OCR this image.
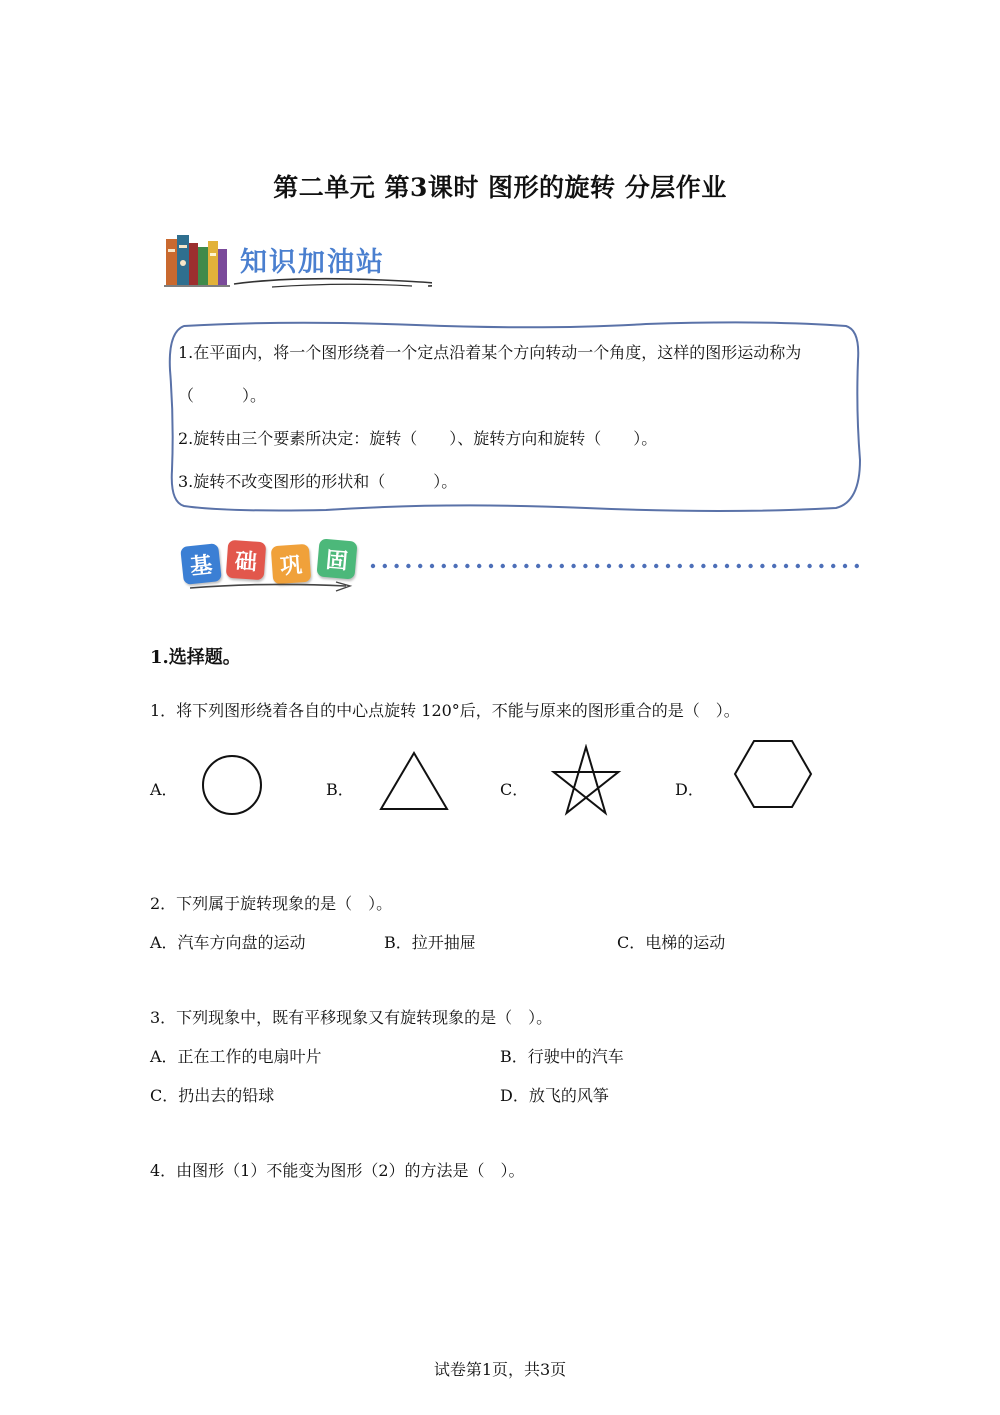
第二单元 第3课时 图形的旋转 分层作业
知识加油站
1.在平面内，将一个图形绕着一个定点沿着某个方向转动一个角度，这样的图形运动称为
（　　　）。
2.旋转由三个要素所决定：旋转（　　）、旋转方向和旋转（　　）。
3.旋转不改变图形的形状和（　　　）。
基 础 巩 固
1.选择题。
1．将下列图形绕着各自的中心点旋转 120°后，不能与原来的图形重合的是（　）。
A．	B．	C．	D．
2．下列属于旋转现象的是（　）。
A．汽车方向盘的运动	B．拉开抽屉	C．电梯的运动
3．下列现象中，既有平移现象又有旋转现象的是（　）。
A．正在工作的电扇叶片	B．行驶中的汽车
C．扔出去的铅球	D．放飞的风筝
4．由图形（1）不能变为图形（2）的方法是（　）。
试卷第1页，共3页
